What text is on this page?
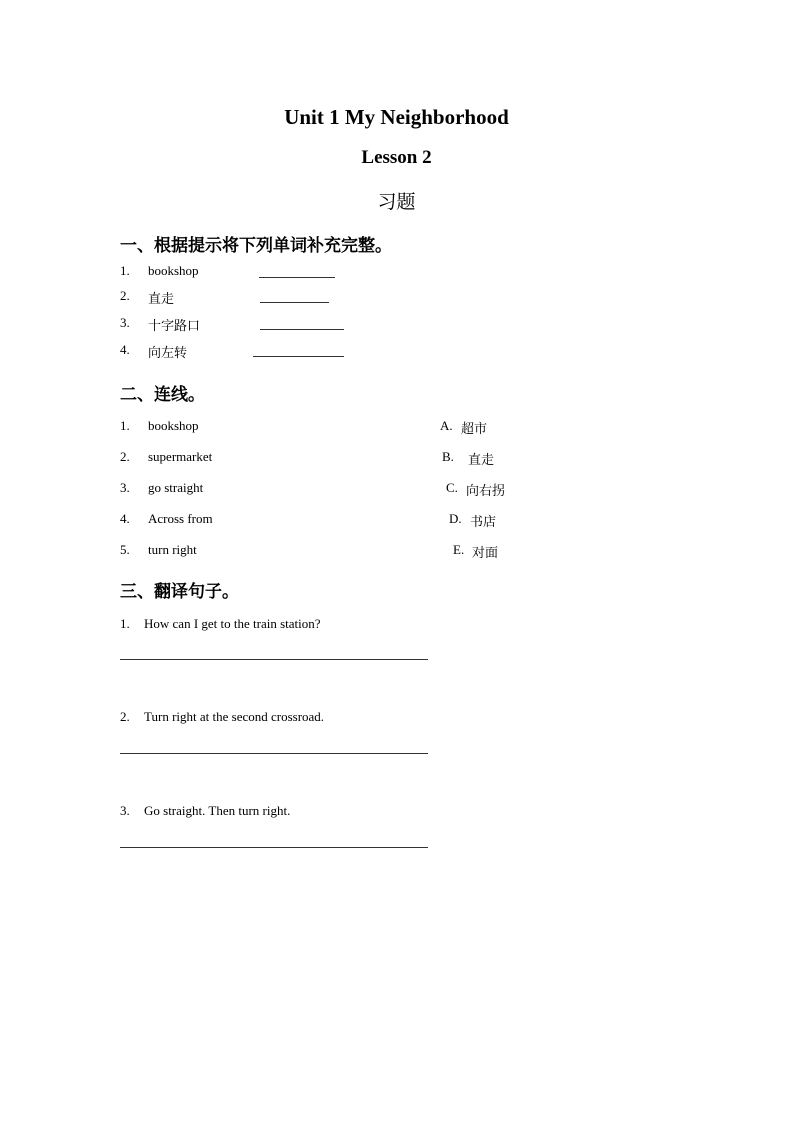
Unit 1 My Neighborhood
Lesson 2
习题
一、根据提示将下列单词补充完整。
1. bookshop
2. 直走
3. 十字路口
4. 向左转
二、连线。
1. bookshop	A. 超市
2. supermarket	B. 直走
3. go straight	C. 向右拐
4. Across from	D. 书店
5. turn right	E. 对面
三、翻译句子。
1. How can I get to the train station?
2. Turn right at the second crossroad.
3. Go straight. Then turn right.
